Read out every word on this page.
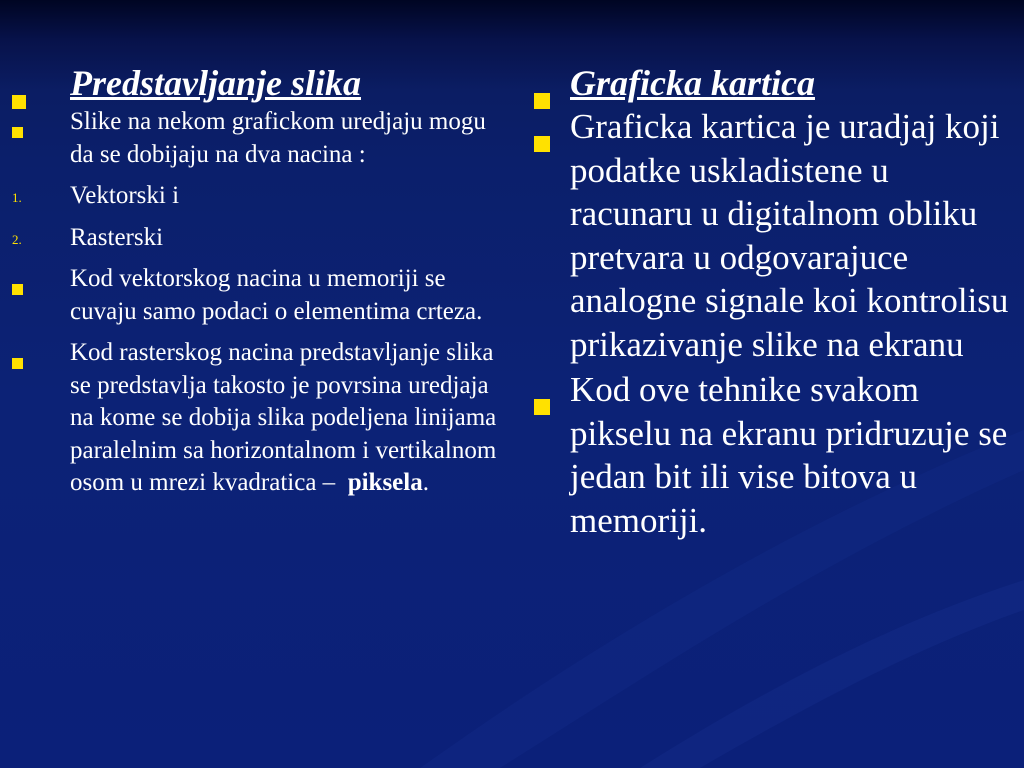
Predstavljanje slika
Slike na nekom grafickom uredjaju mogu da se dobijaju na dva nacina :
1. Vektorski i
2. Rasterski
Kod vektorskog nacina u memoriji se cuvaju samo podaci o elementima crteza.
Kod rasterskog nacina predstavljanje slika se predstavlja takosto je povrsina uredjaja na kome se dobija slika podeljena linijama paralelnim sa horizontalnom i vertikalnom osom u mrezi kvadratica –  piksela.
Graficka kartica
Graficka kartica je uradjaj koji podatke uskladistene u racunaru u digitalnom obliku pretvara u odgovarajuce analogne signale koi kontrolisu prikazivanje slike na ekranu
Kod ove tehnike svakom pikselu na ekranu pridruzuje se jedan bit ili vise bitova u memoriji.
